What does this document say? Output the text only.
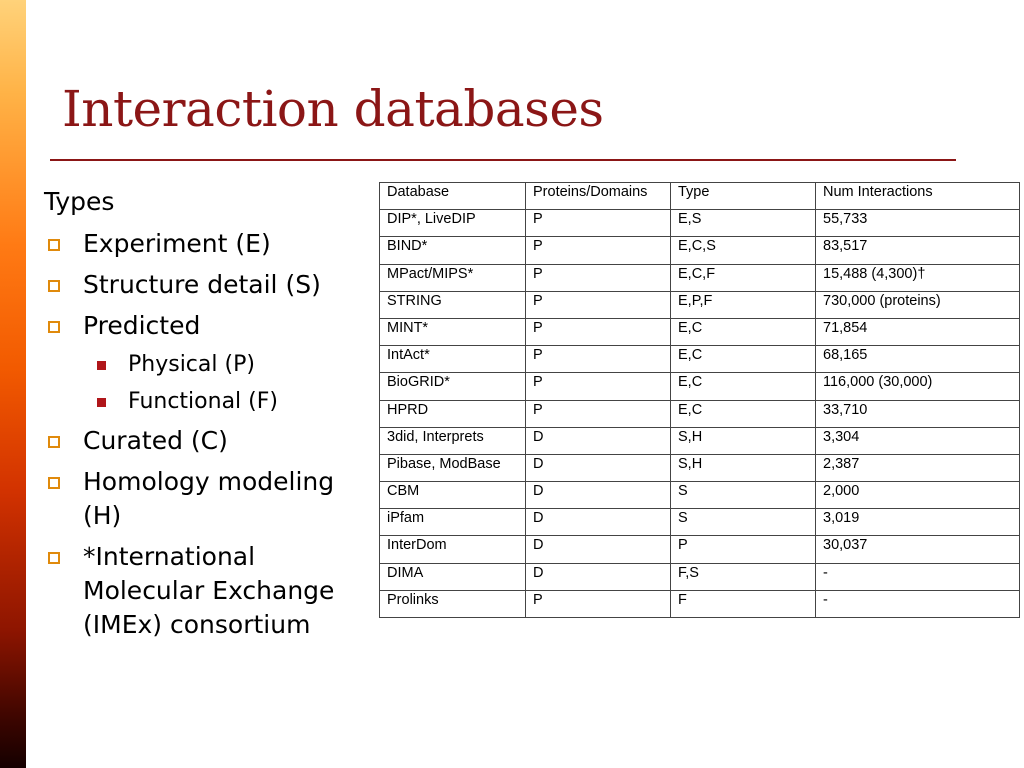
Interaction databases
Types
Experiment (E)
Structure detail (S)
Predicted
Physical (P)
Functional (F)
Curated (C)
Homology modeling (H)
*International Molecular Exchange (IMEx) consortium
Database	Proteins/Domains	Type	Num Interactions
DIP*, LiveDIP	P	E,S	55,733
BIND*	P	E,C,S	83,517
MPact/MIPS*	P	E,C,F	15,488 (4,300)†
STRING	P	E,P,F	730,000 (proteins)
MINT*	P	E,C	71,854
IntAct*	P	E,C	68,165
BioGRID*	P	E,C	116,000 (30,000)
HPRD	P	E,C	33,710
3did, Interprets	D	S,H	3,304
Pibase, ModBase	D	S,H	2,387
CBM	D	S	2,000
iPfam	D	S	3,019
InterDom	D	P	30,037
DIMA	D	F,S	-
Prolinks	P	F	-
